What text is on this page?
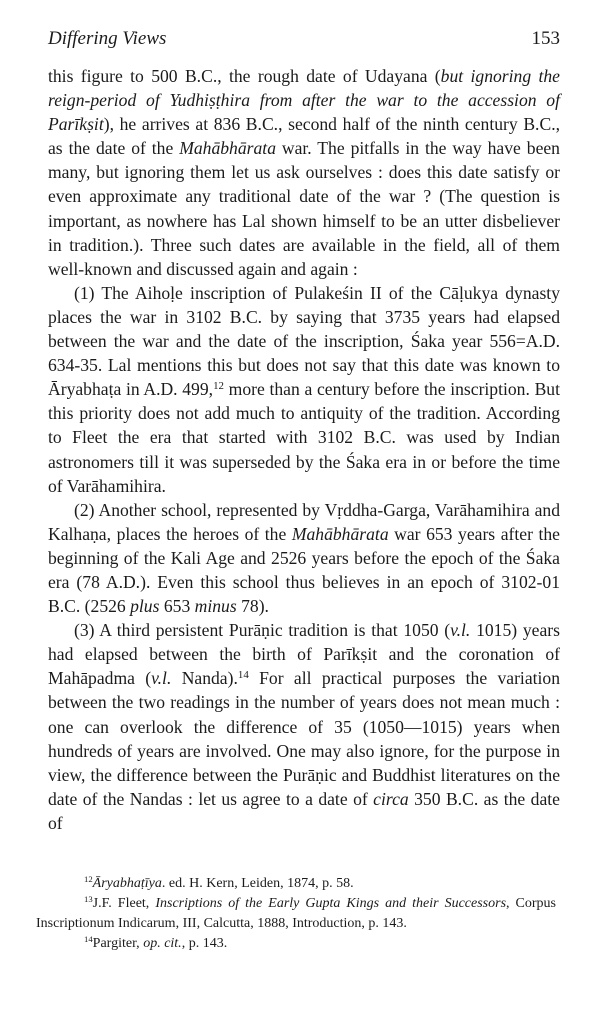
Differing Views	153

this figure to 500 B.C., the rough date of Udayana (but ignoring the reign-period of Yudhiṣṭhira from after the war to the accession of Parīkṣit), he arrives at 836 B.C., second half of the ninth century B.C., as the date of the Mahābhārata war. The pitfalls in the way have been many, but ignoring them let us ask ourselves : does this date satisfy or even approximate any traditional date of the war ? (The question is important, as nowhere has Lal shown himself to be an utter disbeliever in tradition.). Three such dates are available in the field, all of them well-known and discussed again and again :

(1) The Aihoḷe inscription of Pulakeśin II of the Cāḷukya dynasty places the war in 3102 B.C. by saying that 3735 years had elapsed between the war and the date of the inscription, Śaka year 556=A.D. 634-35. Lal mentions this but does not say that this date was known to Āryabhaṭa in A.D. 499,12 more than a century before the inscription. But this priority does not add much to antiquity of the tradition. According to Fleet the era that started with 3102 B.C. was used by Indian astronomers till it was superseded by the Śaka era in or before the time of Varāhamihira.

(2) Another school, represented by Vṛddha-Garga, Varāhamihira and Kalhaṇa, places the heroes of the Mahābhārata war 653 years after the beginning of the Kali Age and 2526 years before the epoch of the Śaka era (78 A.D.). Even this school thus believes in an epoch of 3102-01 B.C. (2526 plus 653 minus 78).

(3) A third persistent Purāṇic tradition is that 1050 (v.l. 1015) years had elapsed between the birth of Parīkṣit and the coronation of Mahāpadma (v.l. Nanda).$^{14}$ For all practical purposes the variation between the two readings in the number of years does not mean much : one can overlook the difference of 35 (1050—1015) years when hundreds of years are involved. One may also ignore, for the purpose in view, the difference between the Purāṇic and Buddhist literatures on the date of the Nandas : let us agree to a date of circa 350 B.C. as the date of

$^{12}$Āryabhaṭīya. ed. H. Kern, Leiden, 1874, p. 58.

$^{13}$J.F. Fleet, Inscriptions of the Early Gupta Kings and their Successors, Corpus Inscriptionum Indicarum, III, Calcutta, 1888, Introduction, p. 143.

$^{14}$Pargiter, op. cit., p. 143.
